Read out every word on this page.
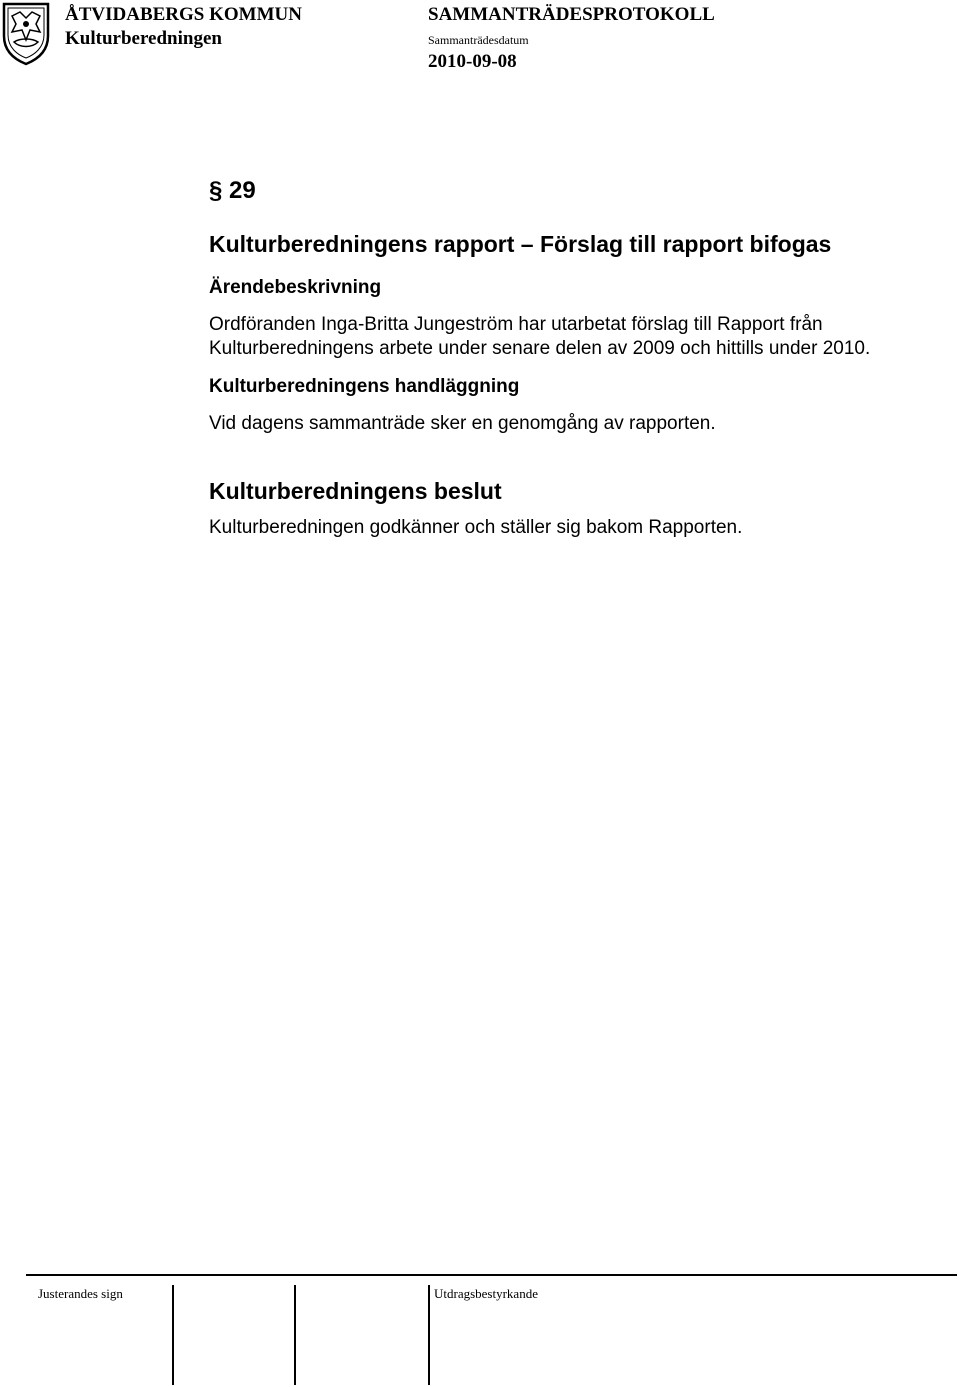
ÅTVIDABERGS KOMMUN
Kulturberedningen
SAMMANTRÄDESPROTOKOLL
Sammanträdesdatum
2010-09-08
§ 29
Kulturberedningens rapport – Förslag till rapport bifogas
Ärendebeskrivning
Ordföranden Inga-Britta Jungeström har utarbetat förslag till Rapport från Kulturberedningens arbete under senare delen av 2009 och hittills under 2010.
Kulturberedningens handläggning
Vid dagens sammanträde sker en genomgång av rapporten.
Kulturberedningens beslut
Kulturberedningen godkänner och ställer sig bakom Rapporten.
Justerandes sign	Utdragsbestyrkande
